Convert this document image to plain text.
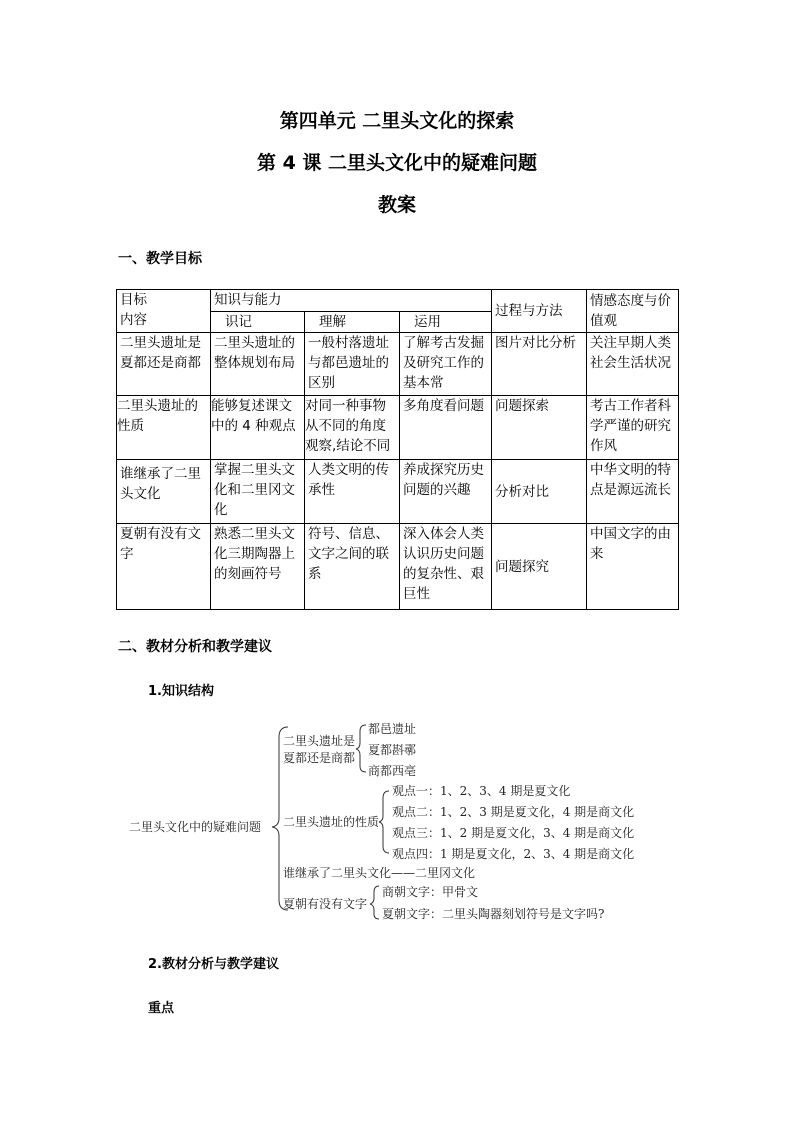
第四单元 二里头文化的探索
第 4 课 二里头文化中的疑难问题
教案
一、教学目标
目标
内容	知识与能力			过程与方法	情感态度与价值观
	识记	理解	运用		
二里头遗址是夏都还是商都	二里头遗址的整体规划布局	一般村落遗址与都邑遗址的区别	了解考古发掘及研究工作的基本常	图片对比分析	关注早期人类社会生活状况
二里头遗址的性质	能够复述课文中的 4 种观点	对同一种事物从不同的角度观察,结论不同	多角度看问题	问题探索	考古工作者科学严谨的研究作风
谁继承了二里头文化	掌握二里头文化和二里冈文化	人类文明的传承性	养成探究历史问题的兴趣	分析对比	中华文明的特点是源远流长
夏朝有没有文字	熟悉二里头文化三期陶器上的刻画符号	符号、信息、文字之间的联系	深入体会人类认识历史问题的复杂性、艰巨性	问题探究	中国文字的由来
二、教材分析和教学建议
1.知识结构
二里头文化中的疑难问题
二里头遗址是夏都还是商都
都邑遗址
夏都斟鄩
商都西亳
二里头遗址的性质
观点一：1、2、3、4 期是夏文化
观点二：1、2、3 期是夏文化，4 期是商文化
观点三：1、2 期是夏文化，3、4 期是商文化
观点四：1 期是夏文化，2、3、4 期是商文化
谁继承了二里头文化——二里冈文化
夏朝有没有文字
商朝文字：甲骨文
夏朝文字：二里头陶器刻划符号是文字吗?
2.教材分析与教学建议
重点
